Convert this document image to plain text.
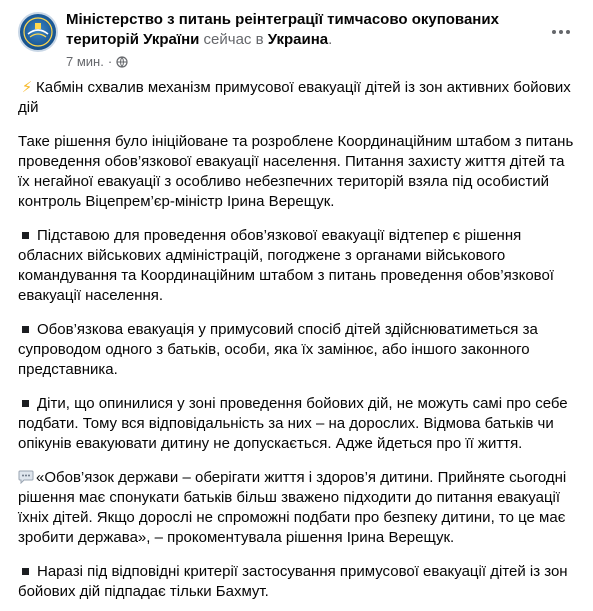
Міністерство з питань реінтеграції тимчасово окупованих територій України сейчас в Украина.
7 мин. ·

⚡ Кабмін схвалив механізм примусової евакуації дітей із зон активних бойових дій

Таке рішення було ініційоване та розроблене Координаційним штабом з питань проведення обов’язкової евакуації населення. Питання захисту життя дітей та їх негайної евакуації з особливо небезпечних територій взяла під особистий контроль Віцепрем’єр-міністр Ірина Верещук.

Підставою для проведення обов’язкової евакуації відтепер є рішення обласних військових адміністрацій, погоджене з органами військового командування та Координаційним штабом з питань проведення обов’язкової евакуації населення.

Обов’язкова евакуація у примусовий спосіб дітей здійснюватиметься за супроводом одного з батьків, особи, яка їх замінює, або іншого законного представника.

Діти, що опинилися у зоні проведення бойових дій, не можуть самі про себе подбати. Тому вся відповідальність за них – на дорослих. Відмова батьків чи опікунів евакуювати дитину не допускається. Адже йдеться про її життя.

«Обов’язок держави – оберігати життя і здоров’я дитини. Прийняте сьогодні рішення має спонукати батьків більш зважено підходити до питання евакуації їхніх дітей. Якщо дорослі не спроможні подбати про безпеку дитини, то це має зробити держава», – прокоментувала рішення Ірина Верещук.

Наразі під відповідні критерії застосування примусової евакуації дітей із зон бойових дій підпадає тільки Бахмут.
